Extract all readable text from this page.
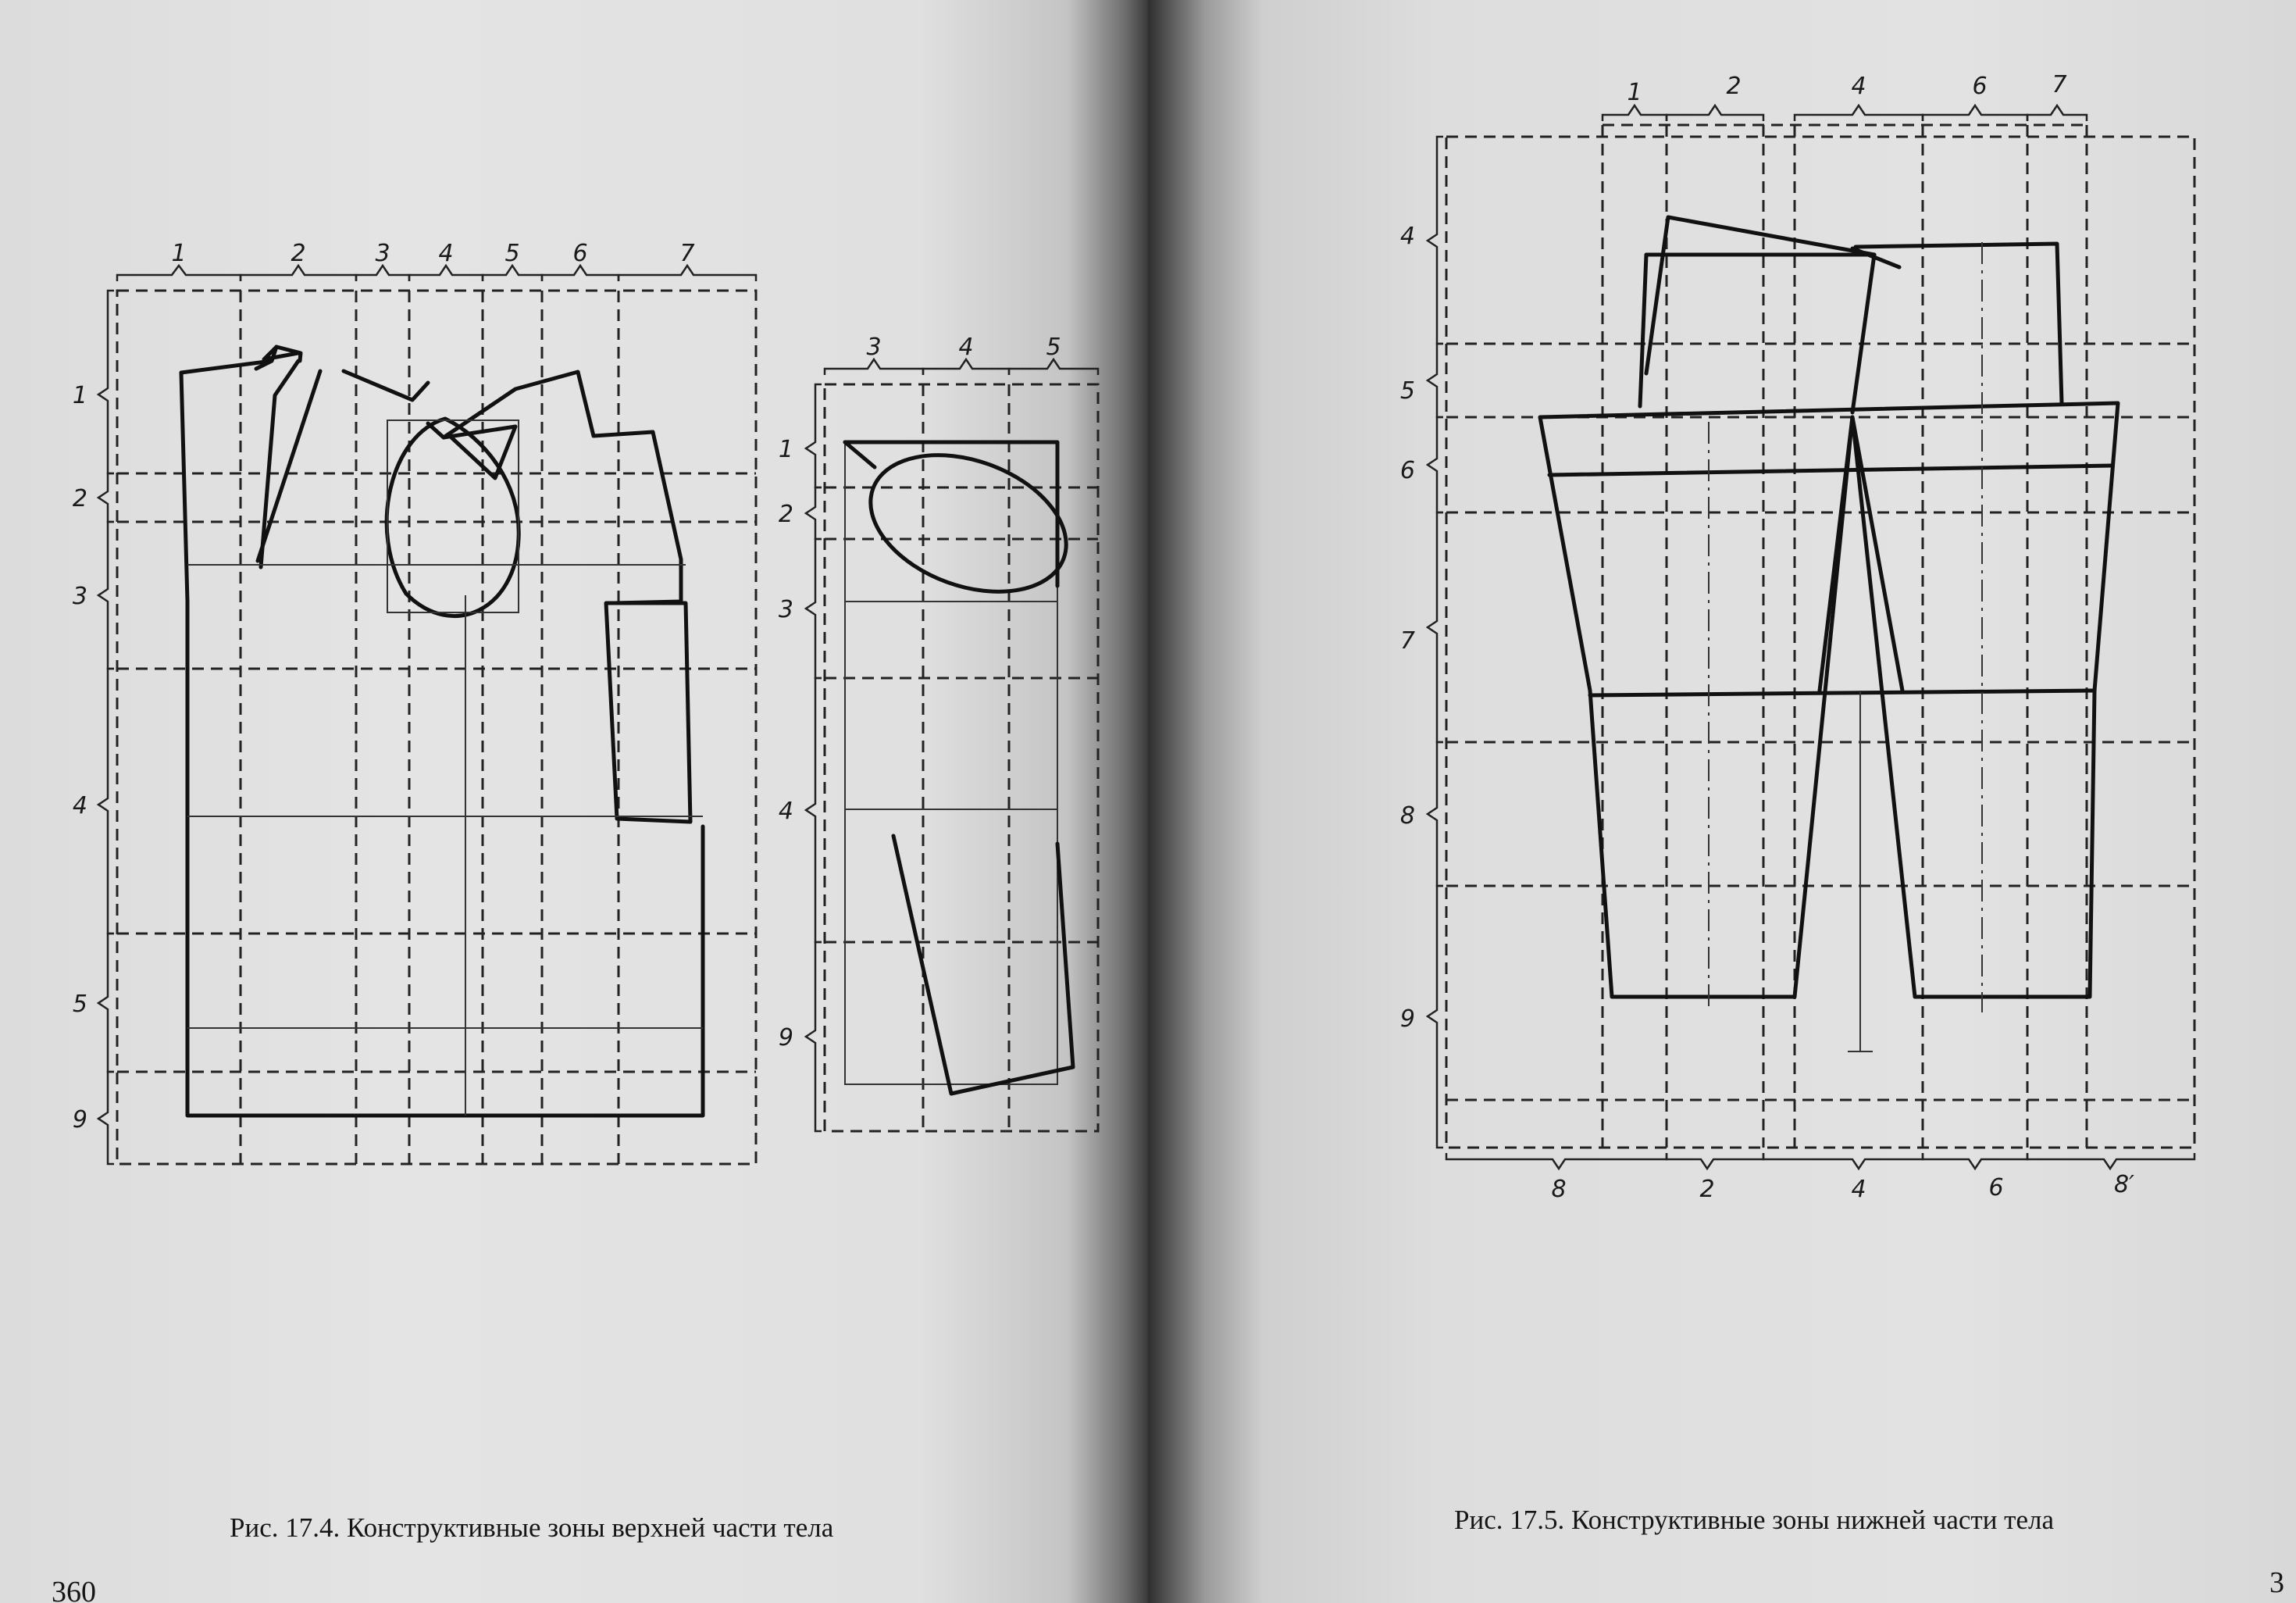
1	2	3 4 5 6	7
1
2
3
4
5
9
3	4	5
1
2
3
4
9
Рис. 17.4. Конструктивные зоны верхней части тела
360
1	2	4	6	7
4
5
6
7
8
9
8	2	4	6	8′
Рис. 17.5. Конструктивные зоны нижней части тела
3
